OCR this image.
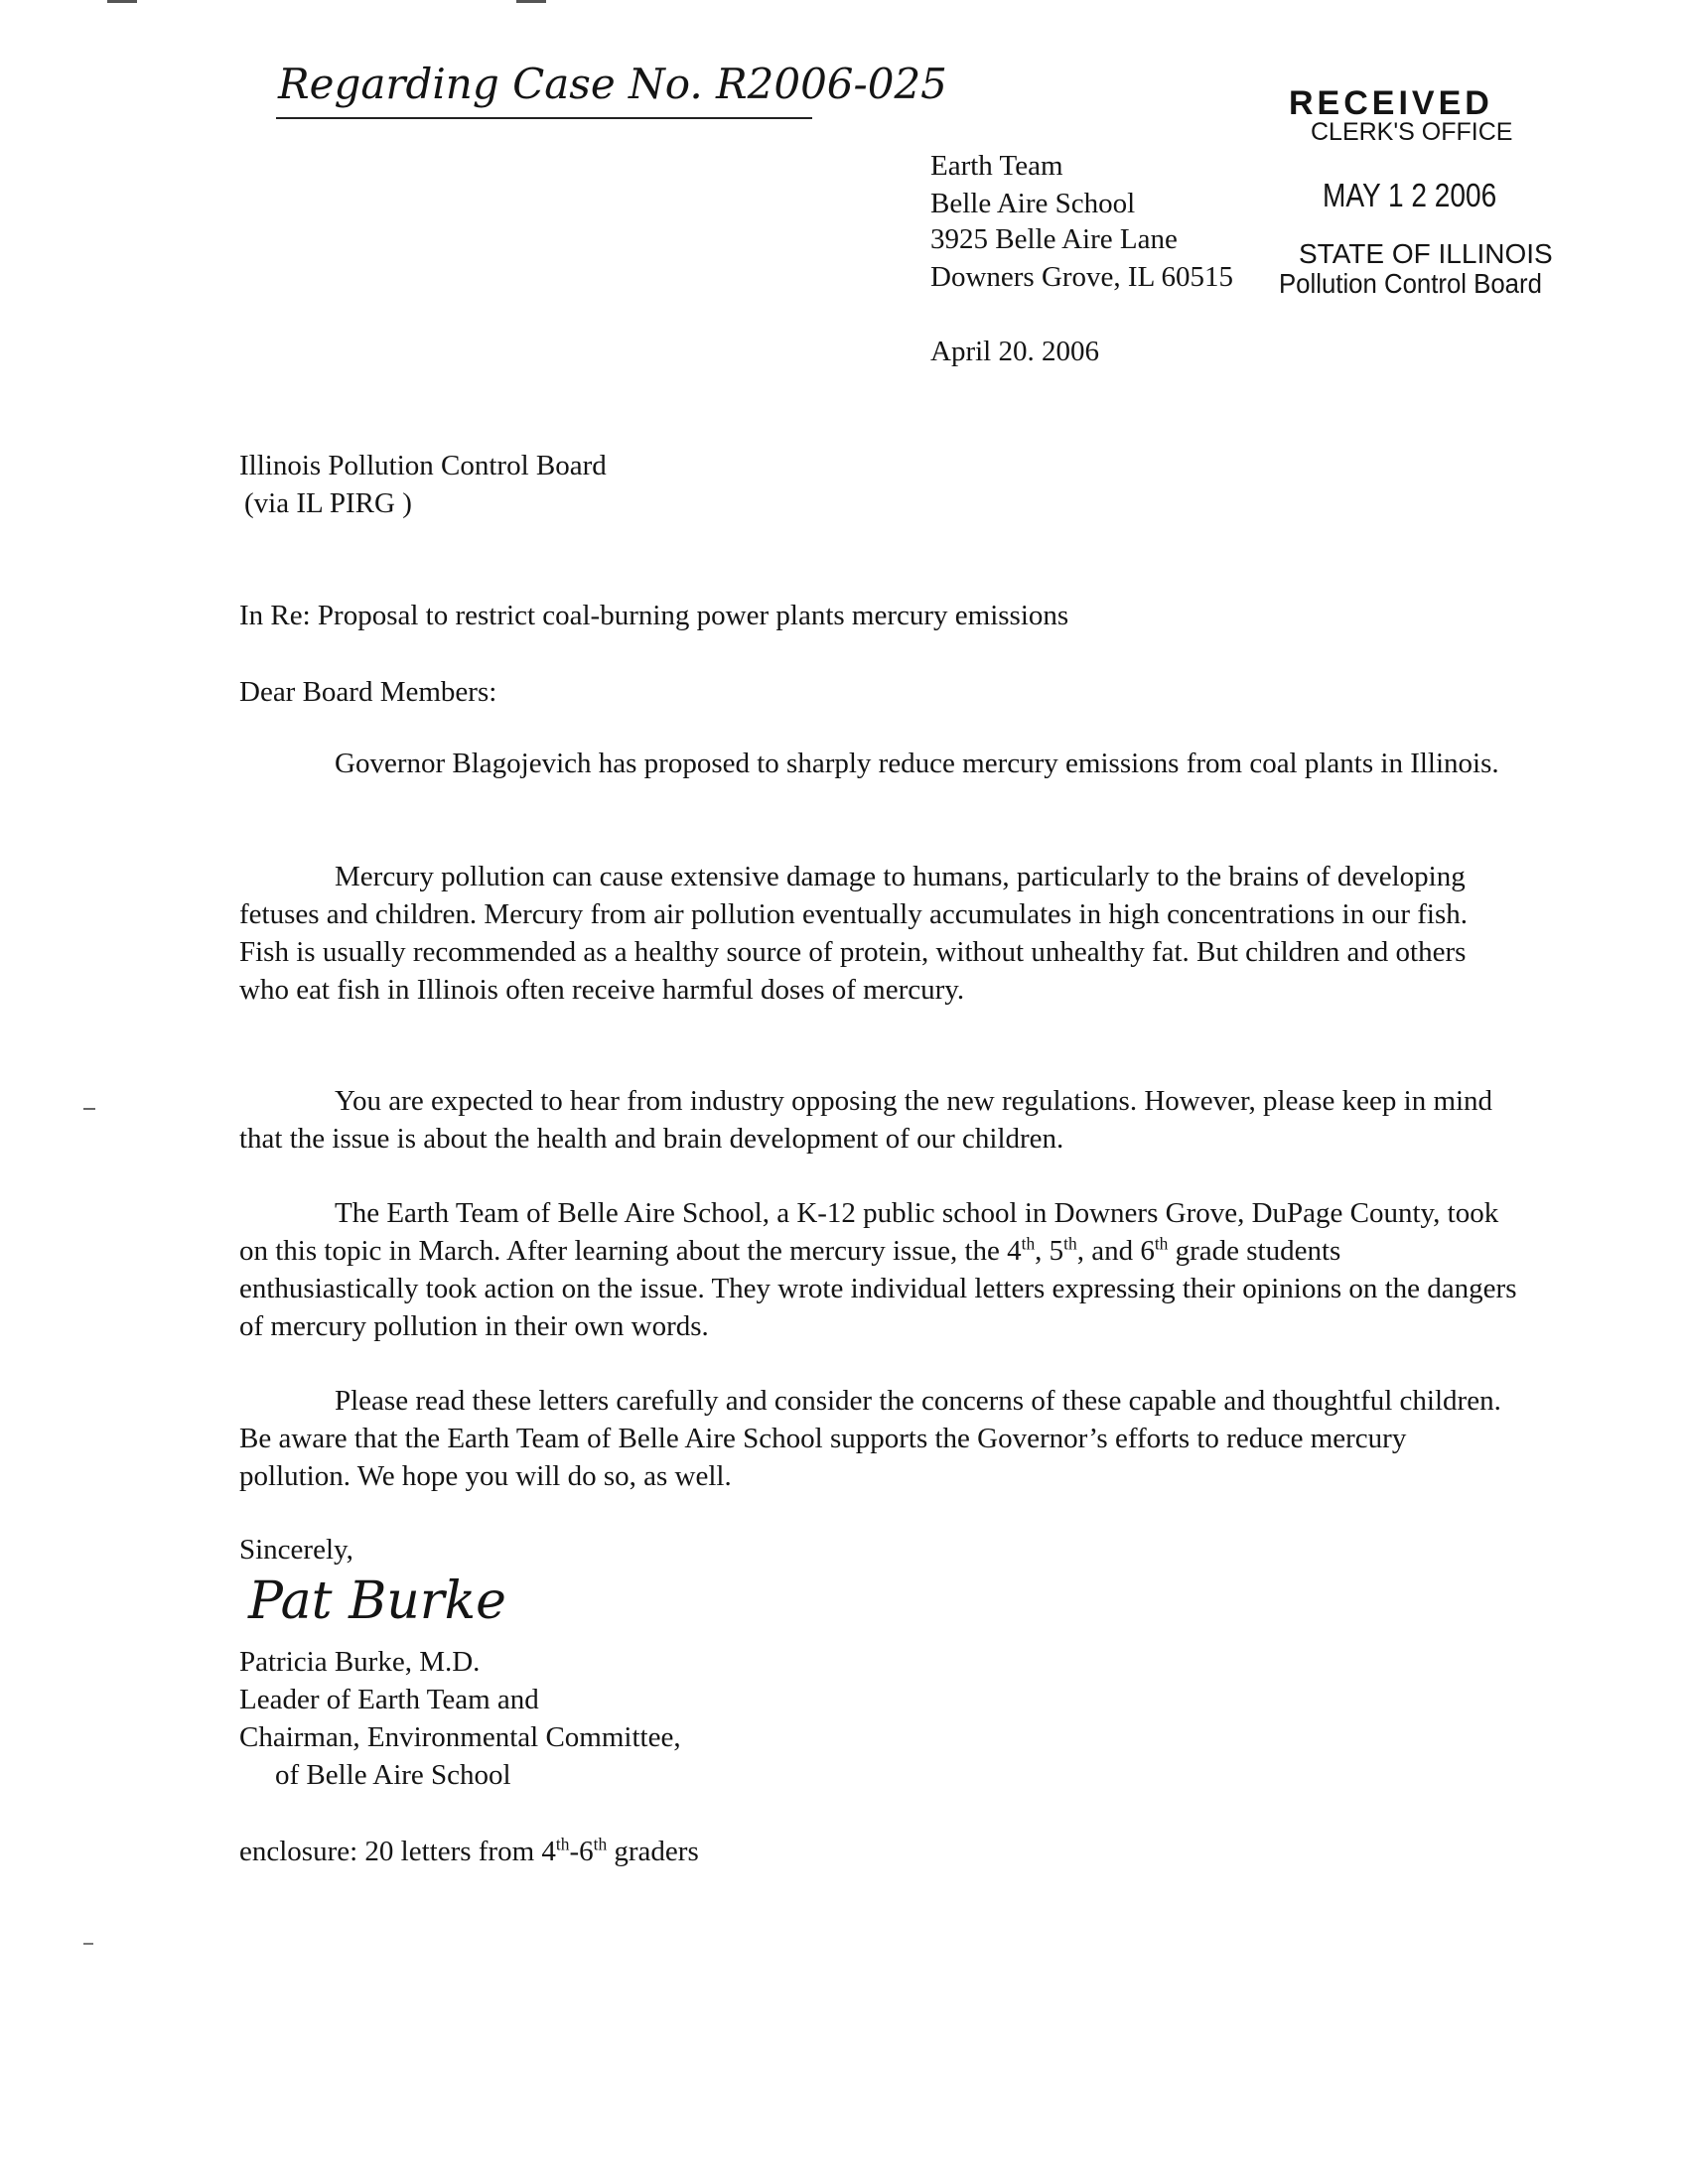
Regarding Case No. R2006-025	RECEIVED
CLERK'S OFFICE
MAY 1 2 2006
STATE OF ILLINOIS
Pollution Control Board
Earth Team
Belle Aire School
3925 Belle Aire Lane
Downers Grove, IL 60515
April 20. 2006
Illinois Pollution Control Board
(via IL PIRG )
In Re: Proposal to restrict coal-burning power plants mercury emissions
Dear Board Members:
Governor Blagojevich has proposed to sharply reduce mercury emissions from coal plants in Illinois.
Mercury pollution can cause extensive damage to humans, particularly to the brains of developing fetuses and children. Mercury from air pollution eventually accumulates in high concentrations in our fish. Fish is usually recommended as a healthy source of protein, without unhealthy fat. But children and others who eat fish in Illinois often receive harmful doses of mercury.
You are expected to hear from industry opposing the new regulations. However, please keep in mind that the issue is about the health and brain development of our children.
The Earth Team of Belle Aire School, a K-12 public school in Downers Grove, DuPage County, took on this topic in March. After learning about the mercury issue, the 4th, 5th, and 6th grade students enthusiastically took action on the issue. They wrote individual letters expressing their opinions on the dangers of mercury pollution in their own words.
Please read these letters carefully and consider the concerns of these capable and thoughtful children. Be aware that the Earth Team of Belle Aire School supports the Governor’s efforts to reduce mercury pollution. We hope you will do so, as well.
Sincerely,
Pat Burke
Patricia Burke, M.D.
Leader of Earth Team and
Chairman, Environmental Committee,
of Belle Aire School
enclosure: 20 letters from 4th-6th graders
